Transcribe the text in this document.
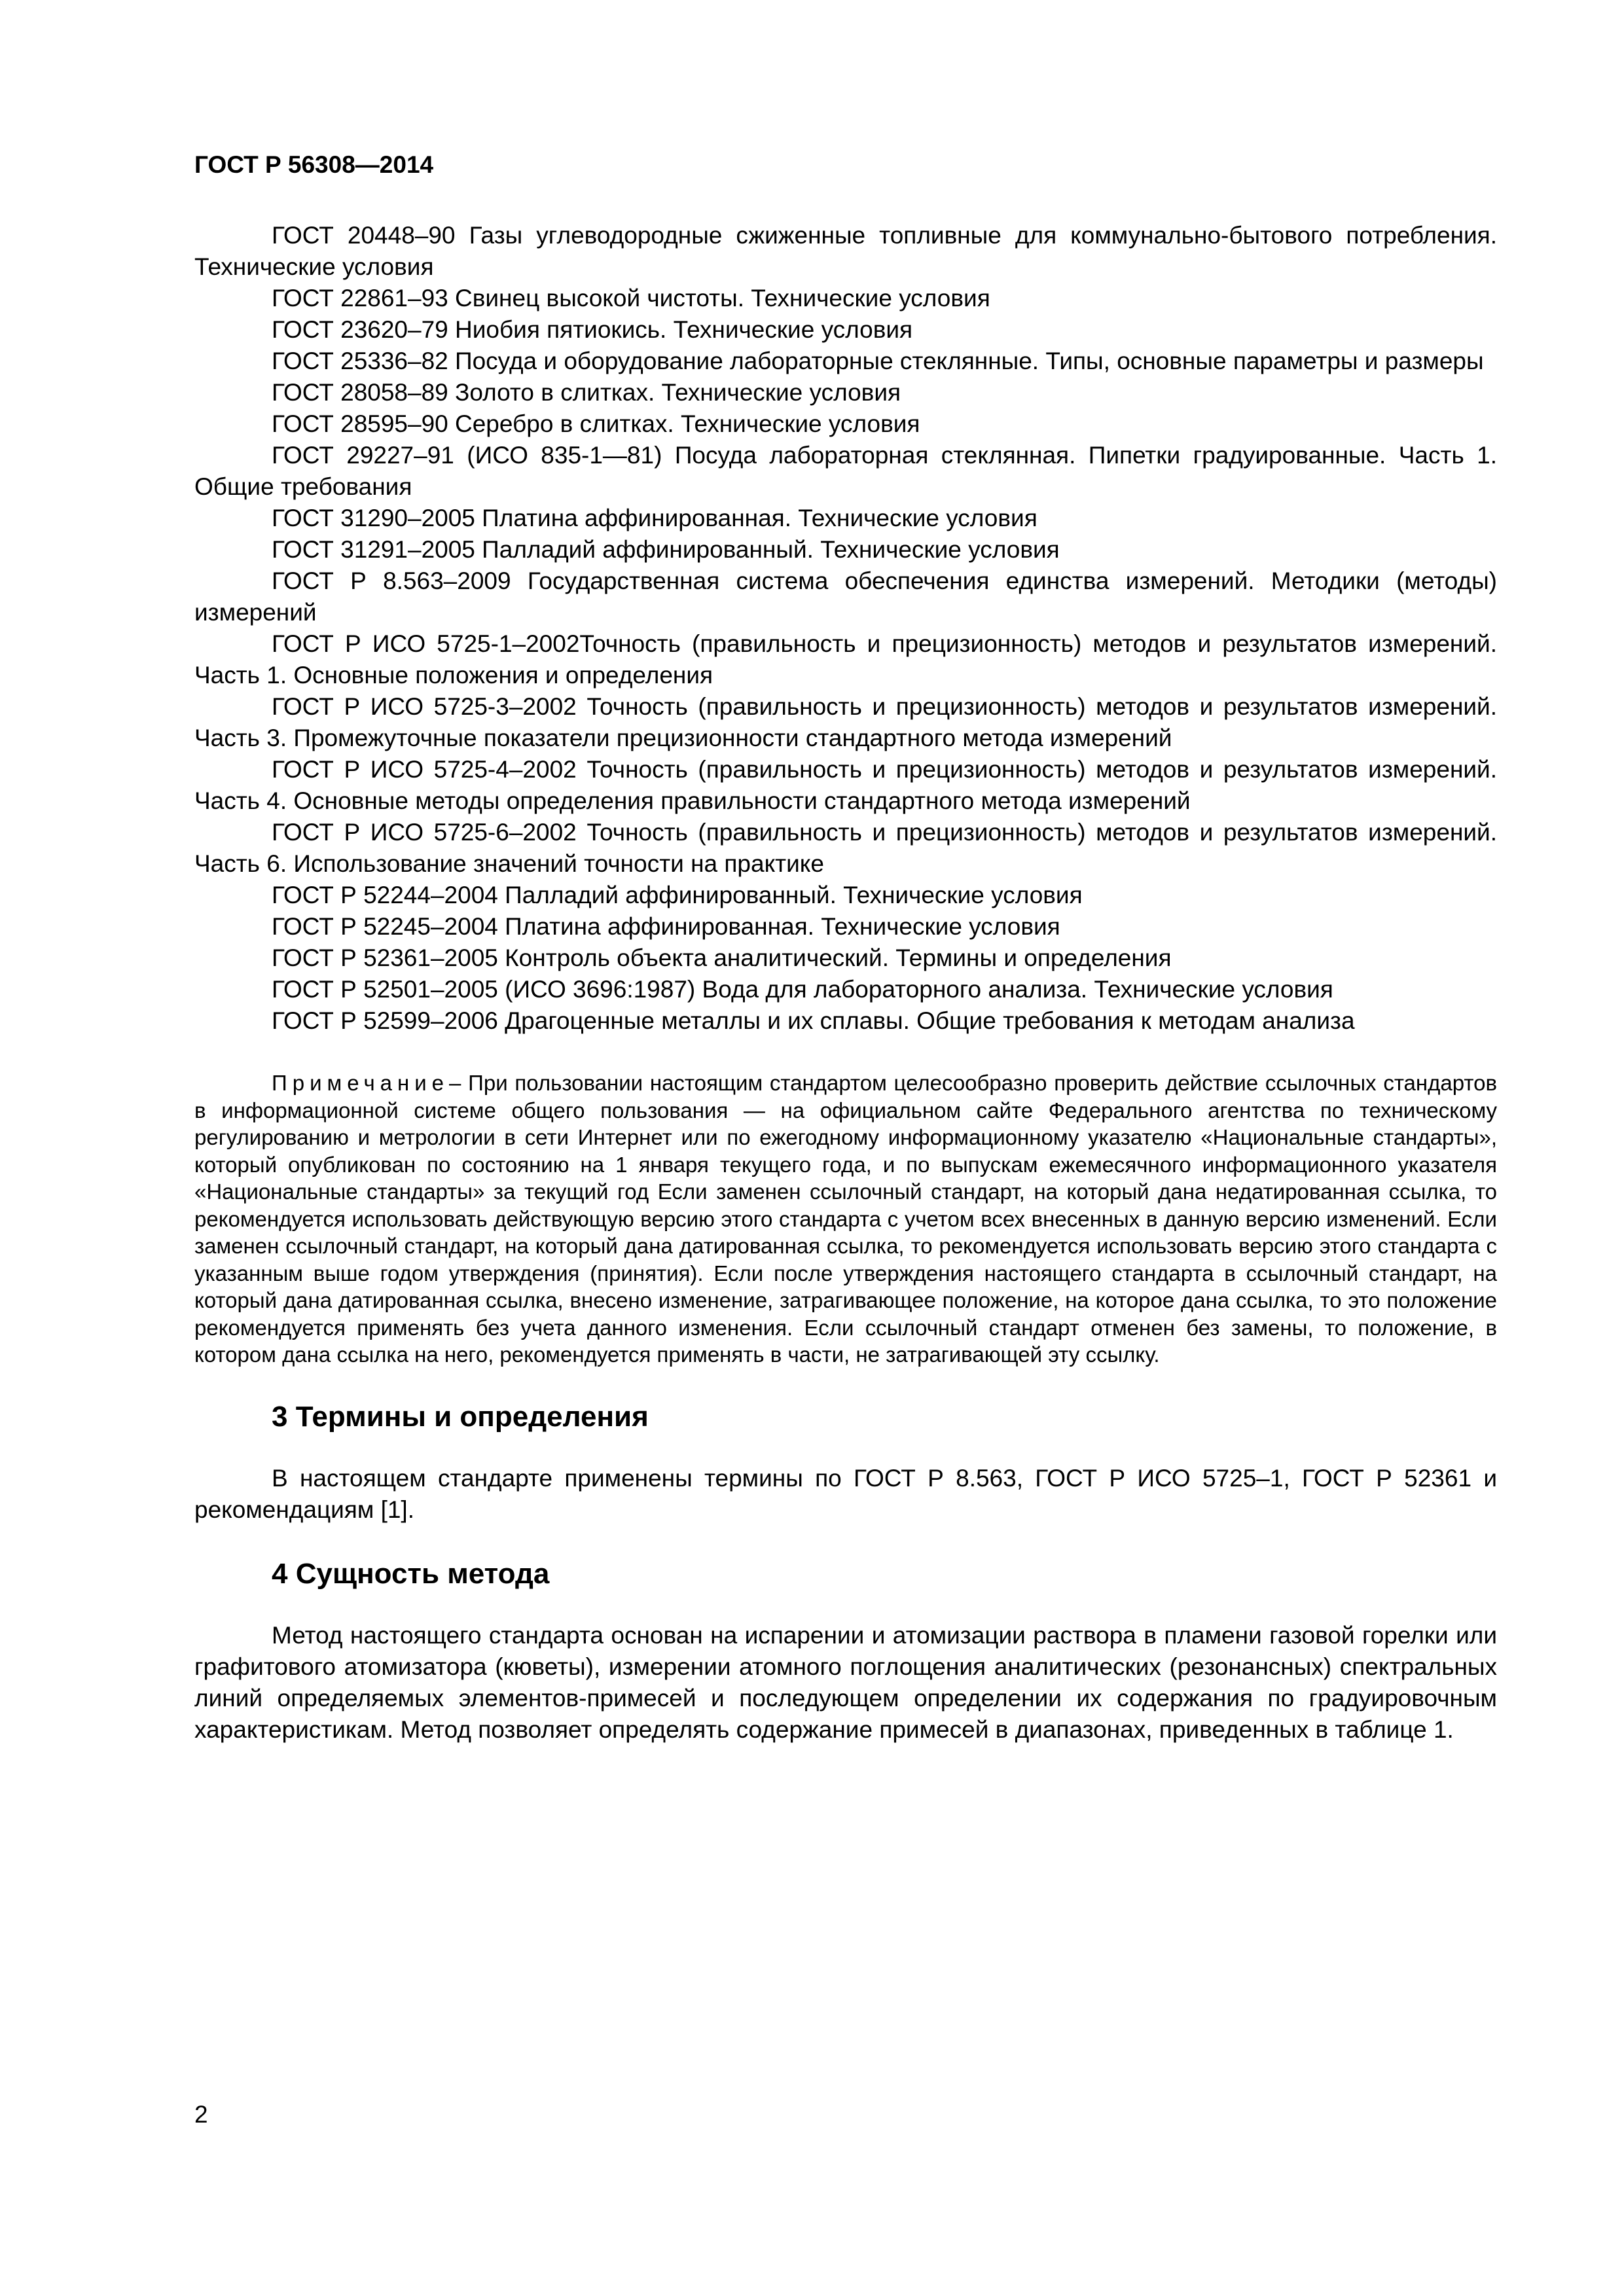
ГОСТ Р 56308—2014

ГОСТ 20448–90 Газы углеводородные сжиженные топливные для коммунально-бытового потребления. Технические условия

ГОСТ 22861–93 Свинец высокой чистоты. Технические условия

ГОСТ 23620–79 Ниобия пятиокись. Технические условия

ГОСТ 25336–82 Посуда и оборудование лабораторные стеклянные. Типы, основные параметры и размеры

ГОСТ 28058–89 Золото в слитках. Технические условия

ГОСТ 28595–90 Серебро в слитках. Технические условия

ГОСТ 29227–91 (ИСО 835-1—81) Посуда лабораторная стеклянная. Пипетки градуированные. Часть 1. Общие требования

ГОСТ 31290–2005 Платина аффинированная. Технические условия

ГОСТ 31291–2005 Палладий аффинированный. Технические условия

ГОСТ Р 8.563–2009 Государственная система обеспечения единства измерений. Методики (методы) измерений

ГОСТ Р ИСО 5725-1–2002Точность (правильность и прецизионность) методов и результатов измерений. Часть 1. Основные положения и определения

ГОСТ Р ИСО 5725-3–2002 Точность (правильность и прецизионность) методов и результатов измерений. Часть 3. Промежуточные показатели прецизионности стандартного метода измерений

ГОСТ Р ИСО 5725-4–2002 Точность (правильность и прецизионность) методов и результатов измерений. Часть 4. Основные методы определения правильности стандартного метода измерений

ГОСТ Р ИСО 5725-6–2002 Точность (правильность и прецизионность) методов и результатов измерений. Часть 6. Использование значений точности на практике

ГОСТ Р 52244–2004 Палладий аффинированный. Технические условия

ГОСТ Р 52245–2004 Платина аффинированная. Технические условия

ГОСТ Р 52361–2005 Контроль объекта аналитический. Термины и определения

ГОСТ Р 52501–2005 (ИСО 3696:1987) Вода для лабораторного анализа. Технические условия

ГОСТ Р 52599–2006 Драгоценные металлы и их сплавы. Общие требования к методам анализа

Примечание– При пользовании настоящим стандартом целесообразно проверить действие ссылочных стандартов в информационной системе общего пользования — на официальном сайте Федерального агентства по техническому регулированию и метрологии в сети Интернет или по ежегодному информационному указателю «Национальные стандарты», который опубликован по состоянию на 1 января текущего года, и по выпускам ежемесячного информационного указателя «Национальные стандарты» за текущий год Если заменен ссылочный стандарт, на который дана недатированная ссылка, то рекомендуется использовать действующую версию этого стандарта с учетом всех внесенных в данную версию изменений. Если заменен ссылочный стандарт, на который дана датированная ссылка, то рекомендуется использовать версию этого стандарта с указанным выше годом утверждения (принятия). Если после утверждения настоящего стандарта в ссылочный стандарт, на который дана датированная ссылка, внесено изменение, затрагивающее положение, на которое дана ссылка, то это положение рекомендуется применять без учета данного изменения. Если ссылочный стандарт отменен без замены, то положение, в котором дана ссылка на него, рекомендуется применять в части, не затрагивающей эту ссылку.

3 Термины и определения

В настоящем стандарте применены термины по ГОСТ Р 8.563, ГОСТ Р ИСО 5725–1, ГОСТ Р 52361 и рекомендациям [1].

4 Сущность метода

Метод настоящего стандарта основан на испарении и атомизации раствора в пламени газовой горелки или графитового атомизатора (кюветы), измерении атомного поглощения аналитических (резонансных) спектральных линий определяемых элементов-примесей и последующем определении их содержания по градуировочным характеристикам. Метод позволяет определять содержание примесей в диапазонах, приведенных в таблице 1.

2
